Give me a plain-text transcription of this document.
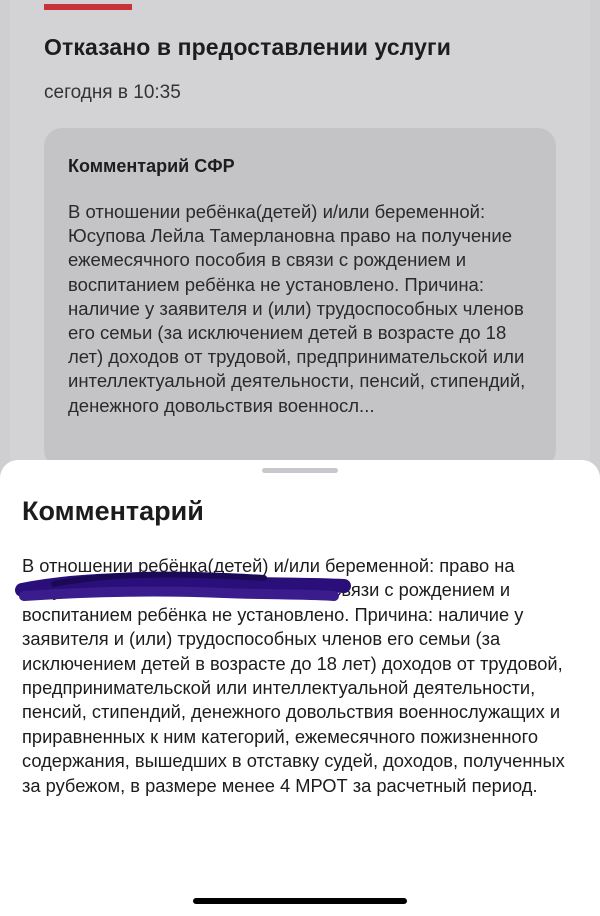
Отказано в предоставлении услуги
сегодня в 10:35
Комментарий СФР
В отношении ребёнка(детей) и/или беременной: Юсупова Лейла Тамерлановна право на получение ежемесячного пособия в связи с рождением и воспитанием ребёнка не установлено. Причина: наличие у заявителя и (или) трудоспособных членов его семьи (за исключением детей в возрасте до 18 лет) доходов от трудовой, предпринимательской или интеллектуальной деятельности, пенсий, стипендий, денежного довольствия военносл...
Комментарий
В отношении ребёнка(детей) и/или беременной: право на получение ежемесячного пособия в связи с рождением и воспитанием ребёнка не установлено. Причина: наличие у заявителя и (или) трудоспособных членов его семьи (за исключением детей в возрасте до 18 лет) доходов от трудовой, предпринимательской или интеллектуальной деятельности, пенсий, стипендий, денежного довольствия военнослужащих и приравненных к ним категорий, ежемесячного пожизненного содержания, вышедших в отставку судей, доходов, полученных за рубежом, в размере менее 4 МРОТ за расчетный период.
